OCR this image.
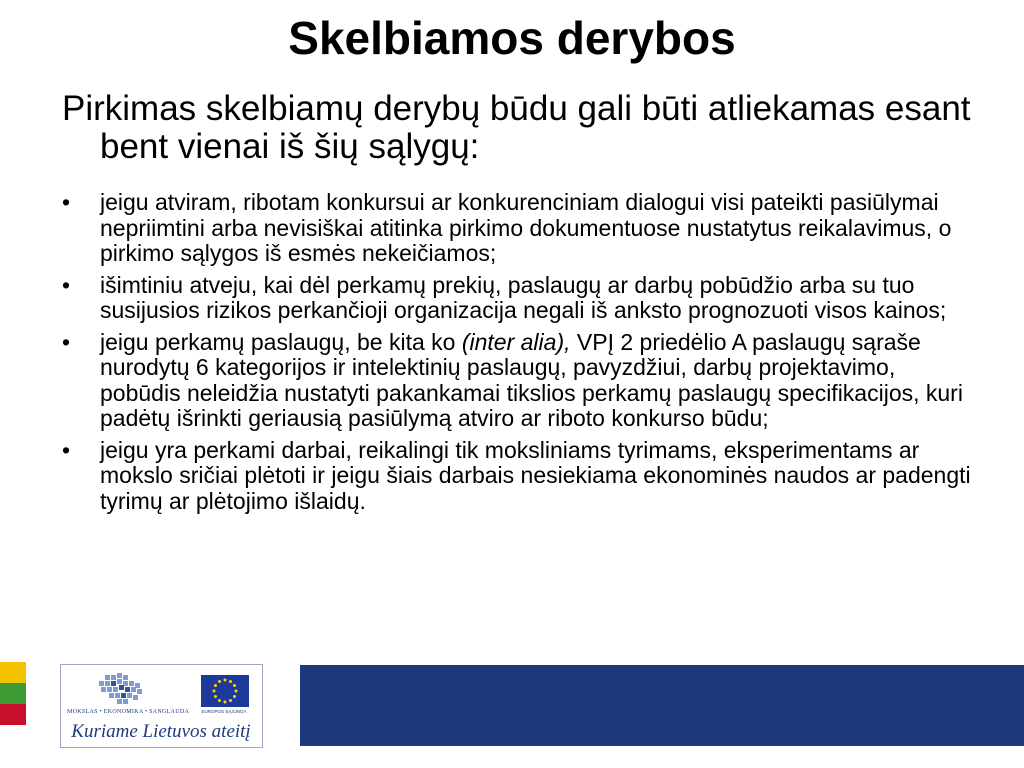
Skelbiamos derybos

Pirkimas skelbiamų derybų būdu gali būti atliekamas esant bent vienai iš šių sąlygų:

• jeigu atviram, ribotam konkursui ar konkurenciniam dialogui visi pateikti pasiūlymai nepriimtini arba nevisiškai atitinka pirkimo dokumentuose nustatytus reikalavimus, o pirkimo sąlygos iš esmės nekeičiamos;
• išimtiniu atveju, kai dėl perkamų prekių, paslaugų ar darbų pobūdžio arba su tuo susijusios rizikos perkančioji organizacija negali iš anksto prognozuoti visos kainos;
• jeigu perkamų paslaugų, be kita ko (inter alia), VPĮ 2 priedėlio A paslaugų sąraše nurodytų 6 kategorijos ir intelektinių paslaugų, pavyzdžiui, darbų projektavimo, pobūdis neleidžia nustatyti pakankamai tikslios perkamų paslaugų specifikacijos, kuri padėtų išrinkti geriausią pasiūlymą atviro ar riboto konkurso būdu;
• jeigu yra perkami darbai, reikalingi tik moksliniams tyrimams, eksperimentams ar mokslo sričiai plėtoti ir jeigu šiais darbais nesiekiama ekonominės naudos ar padengti tyrimų ar plėtojimo išlaidų.
MOKSLAS • EKONOMIKA • SANGLAUDA	EUROPOS SĄJUNGA
Kuriame Lietuvos ateitį
